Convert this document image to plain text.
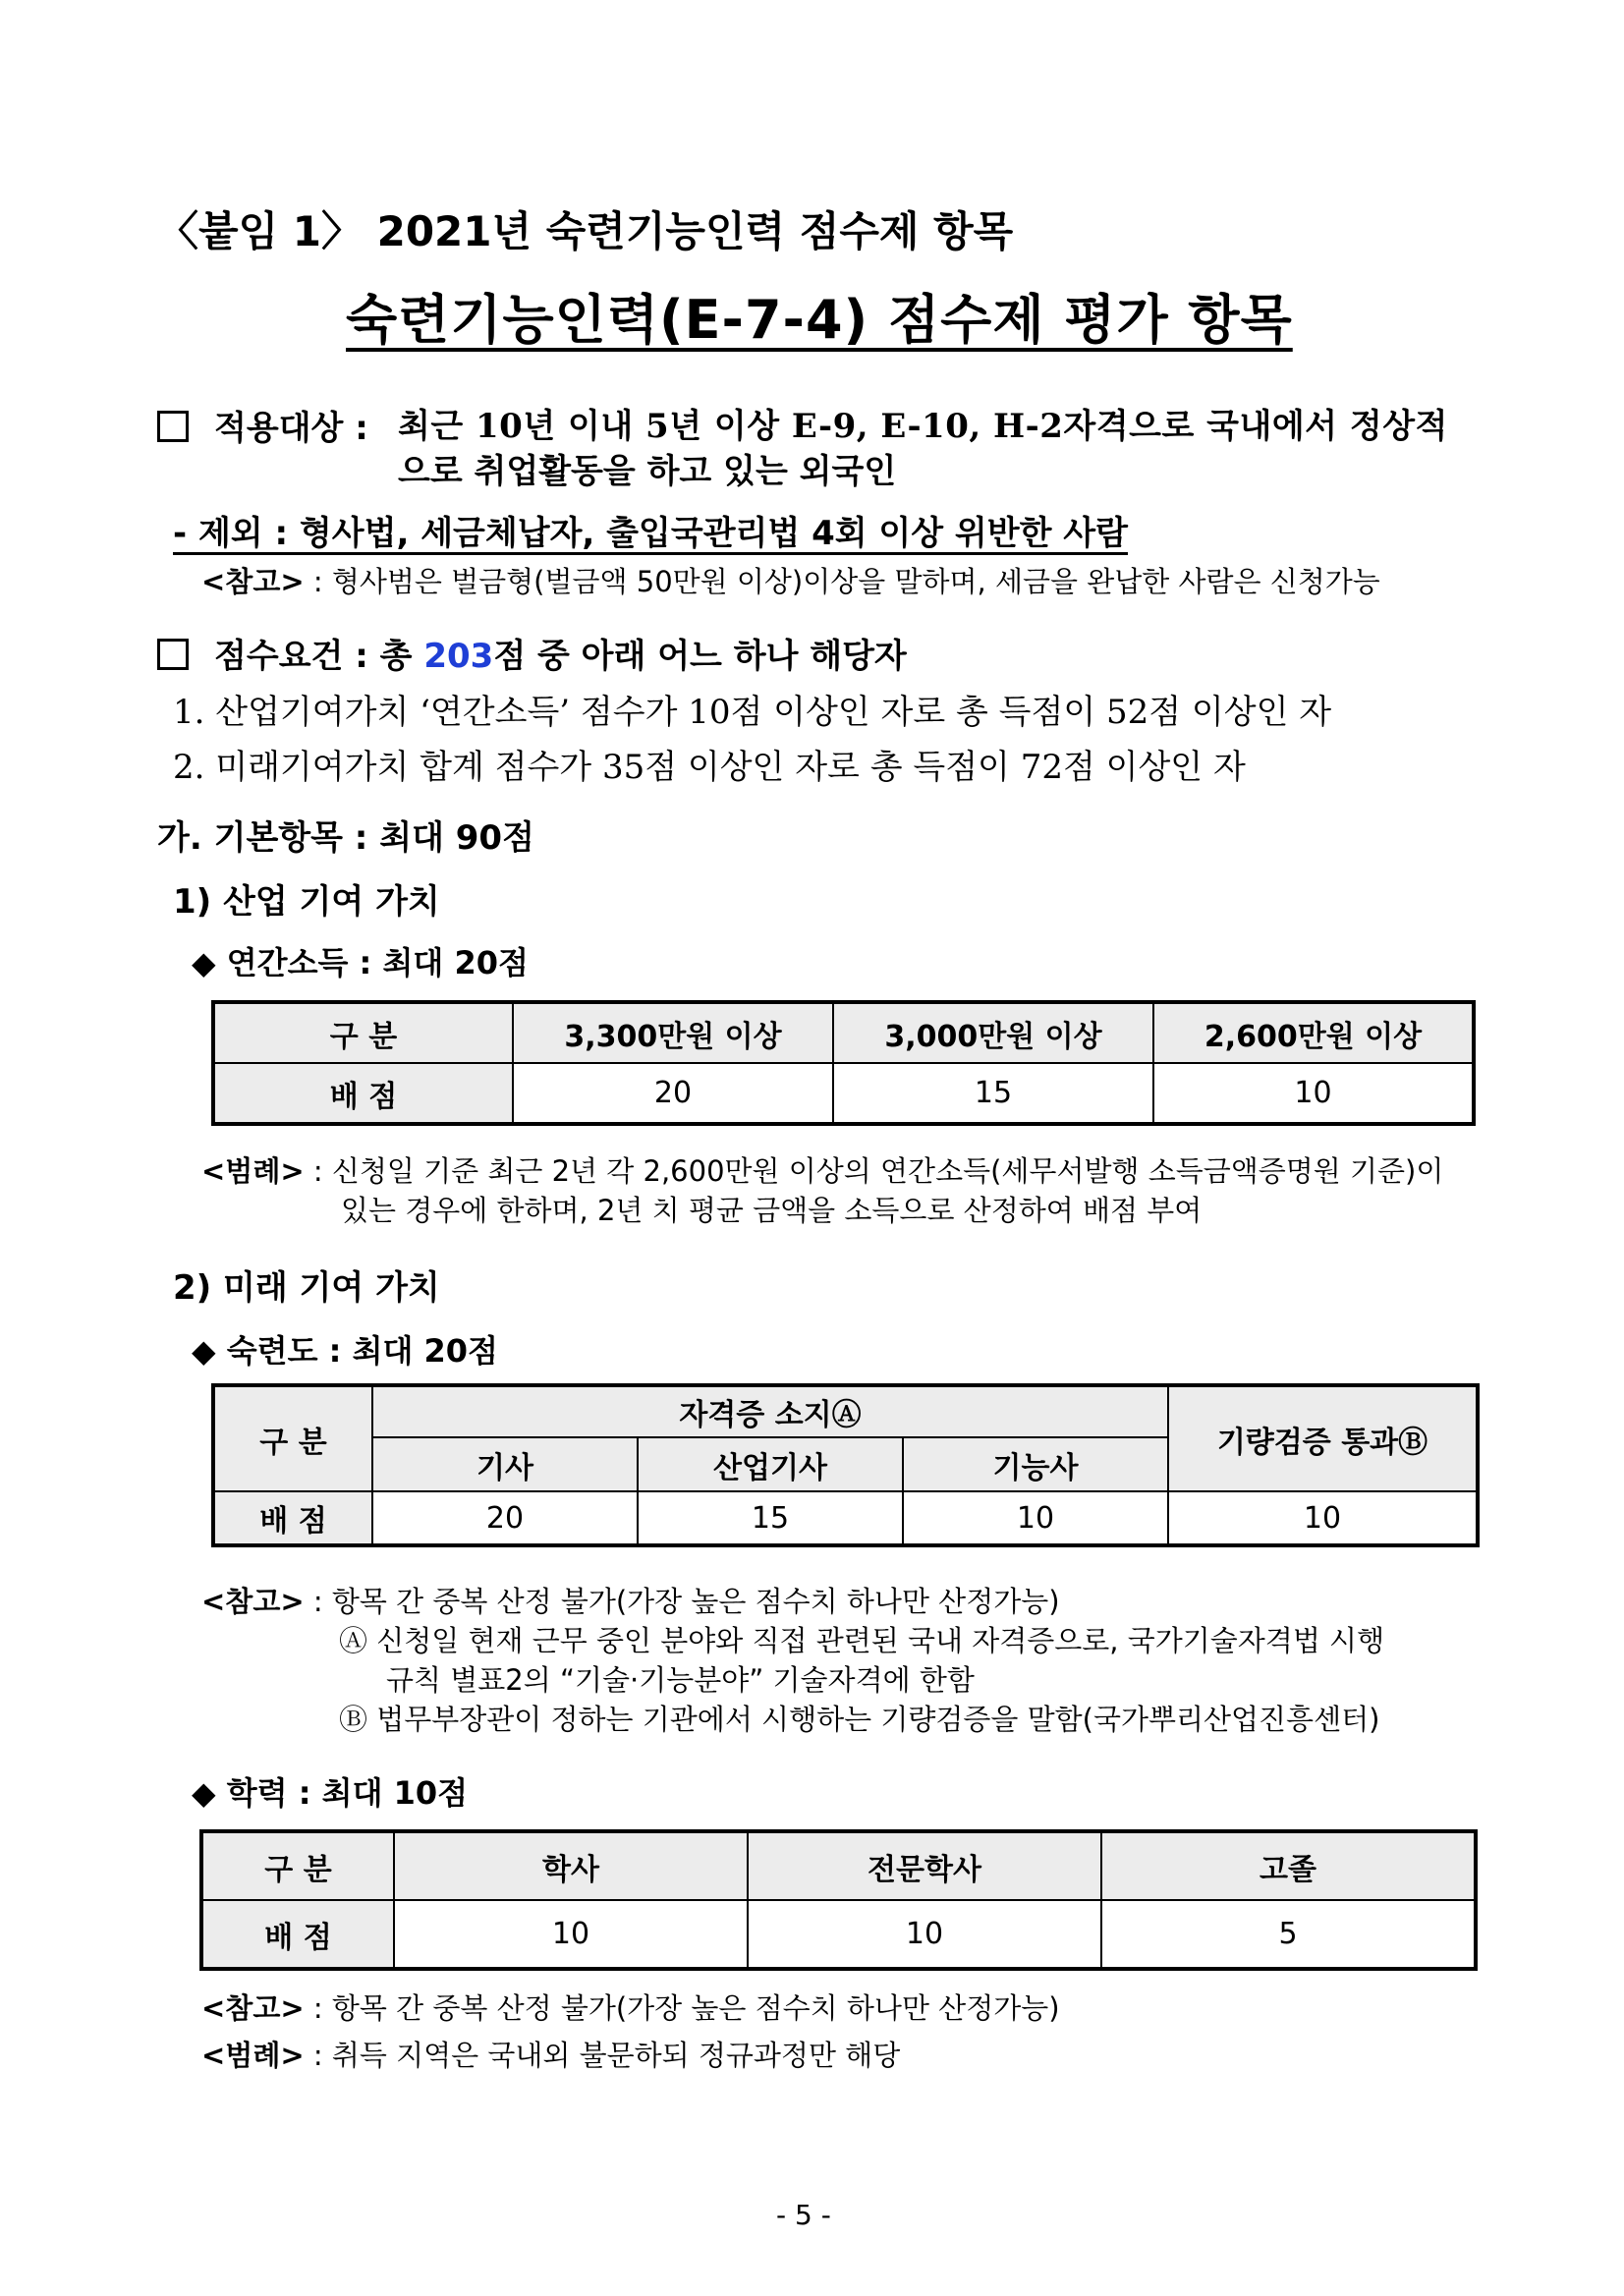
〈붙임 1〉 2021년 숙련기능인력 점수제 항목
숙련기능인력(E-7-4) 점수제 평가 항목
적용대상 : 최근 10년 이내 5년 이상 E-9, E-10, H-2자격으로 국내에서 정상적
으로 취업활동을 하고 있는 외국인
- 제외 : 형사법, 세금체납자, 출입국관리법 4회 이상 위반한 사람
<참고> : 형사범은 벌금형(벌금액 50만원 이상)이상을 말하며, 세금을 완납한 사람은 신청가능
점수요건 : 총 203점 중 아래 어느 하나 해당자
1. 산업기여가치 ‘연간소득’ 점수가 10점 이상인 자로 총 득점이 52점 이상인 자
2. 미래기여가치 합계 점수가 35점 이상인 자로 총 득점이 72점 이상인 자
가. 기본항목 : 최대 90점
1) 산업 기여 가치
◆ 연간소득 : 최대 20점
구 분	3,300만원 이상	3,000만원 이상	2,600만원 이상
배 점	20	15	10
<범례> : 신청일 기준 최근 2년 각 2,600만원 이상의 연간소득(세무서발행 소득금액증명원 기준)이
있는 경우에 한하며, 2년 치 평균 금액을 소득으로 산정하여 배점 부여
2) 미래 기여 가치
◆ 숙련도 : 최대 20점
구 분	자격증 소지Ⓐ			기량검증 통과Ⓑ
	기사	산업기사	기능사	
배 점	20	15	10	10
<참고> : 항목 간 중복 산정 불가(가장 높은 점수치 하나만 산정가능)
Ⓐ 신청일 현재 근무 중인 분야와 직접 관련된 국내 자격증으로, 국가기술자격법 시행
규칙 별표2의 “기술·기능분야” 기술자격에 한함
Ⓑ 법무부장관이 정하는 기관에서 시행하는 기량검증을 말함(국가뿌리산업진흥센터)
◆ 학력 : 최대 10점
구 분	학사	전문학사	고졸
배 점	10	10	5
<참고> : 항목 간 중복 산정 불가(가장 높은 점수치 하나만 산정가능)
<범례> : 취득 지역은 국내외 불문하되 정규과정만 해당
- 5 -
